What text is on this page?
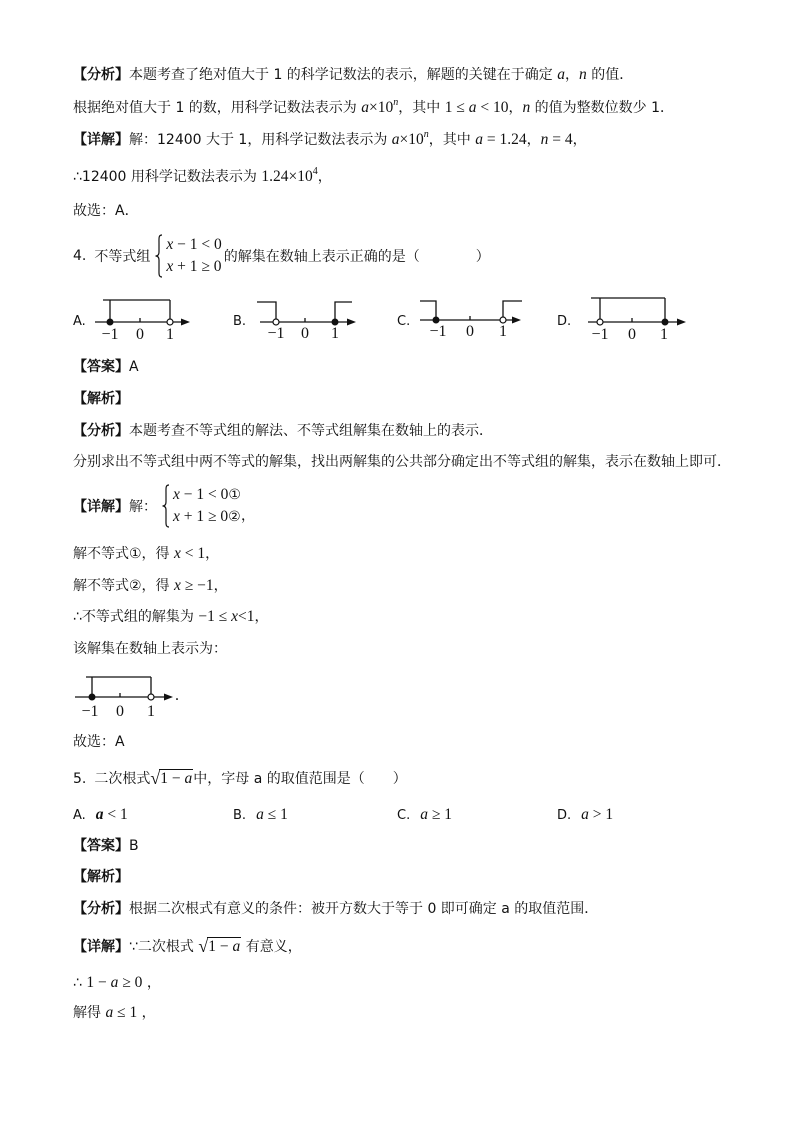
【分析】本题考查了绝对值大于 1 的科学记数法的表示，解题的关键在于确定 a，n 的值．
根据绝对值大于 1 的数，用科学记数法表示为 $a\times 10^n$，其中 1 ≤ a < 10，n 的值为整数位数少 1．
【详解】解：12400 大于 1，用科学记数法表示为 $a\times 10^n$，其中 a = 1.24，n = 4，
∴12400 用科学记数法表示为 $1.24\times 10^4$，
故选：A．
4. 不等式组
x − 1 < 0
x + 1 ≥ 0
的解集在数轴上表示正确的是（　　　　）
−1 0 1	−1 0 1	−1 0 1	−1 0 1
A.	B.	C.	D.
【答案】A
【解析】
【分析】本题考查不等式组的解法、不等式组解集在数轴上的表示．
分别求出不等式组中两不等式的解集，找出两解集的公共部分确定出不等式组的解集，表示在数轴上即可．
【详解】 解：
x − 1 < 0①
x + 1 ≥ 0② ，
解不等式①，得 x < 1，
解不等式②，得 x ≥ −1，
∴不等式组的解集为 −1 ≤ x<1，
该解集在数轴上表示为：
−1 0 1
.
故选：A
5. 二次根式√1 − a中，字母 a 的取值范围是（　　）
A. a < 1	B. a ≤ 1	C. a ≥ 1	D. a > 1
【答案】B
【解析】
【分析】根据二次根式有意义的条件：被开方数大于等于 0 即可确定 a 的取值范围．
【详解】∵二次根式 √1 − a 有意义，
∴ 1 − a ≥ 0 ，
解得 a ≤ 1 ，
